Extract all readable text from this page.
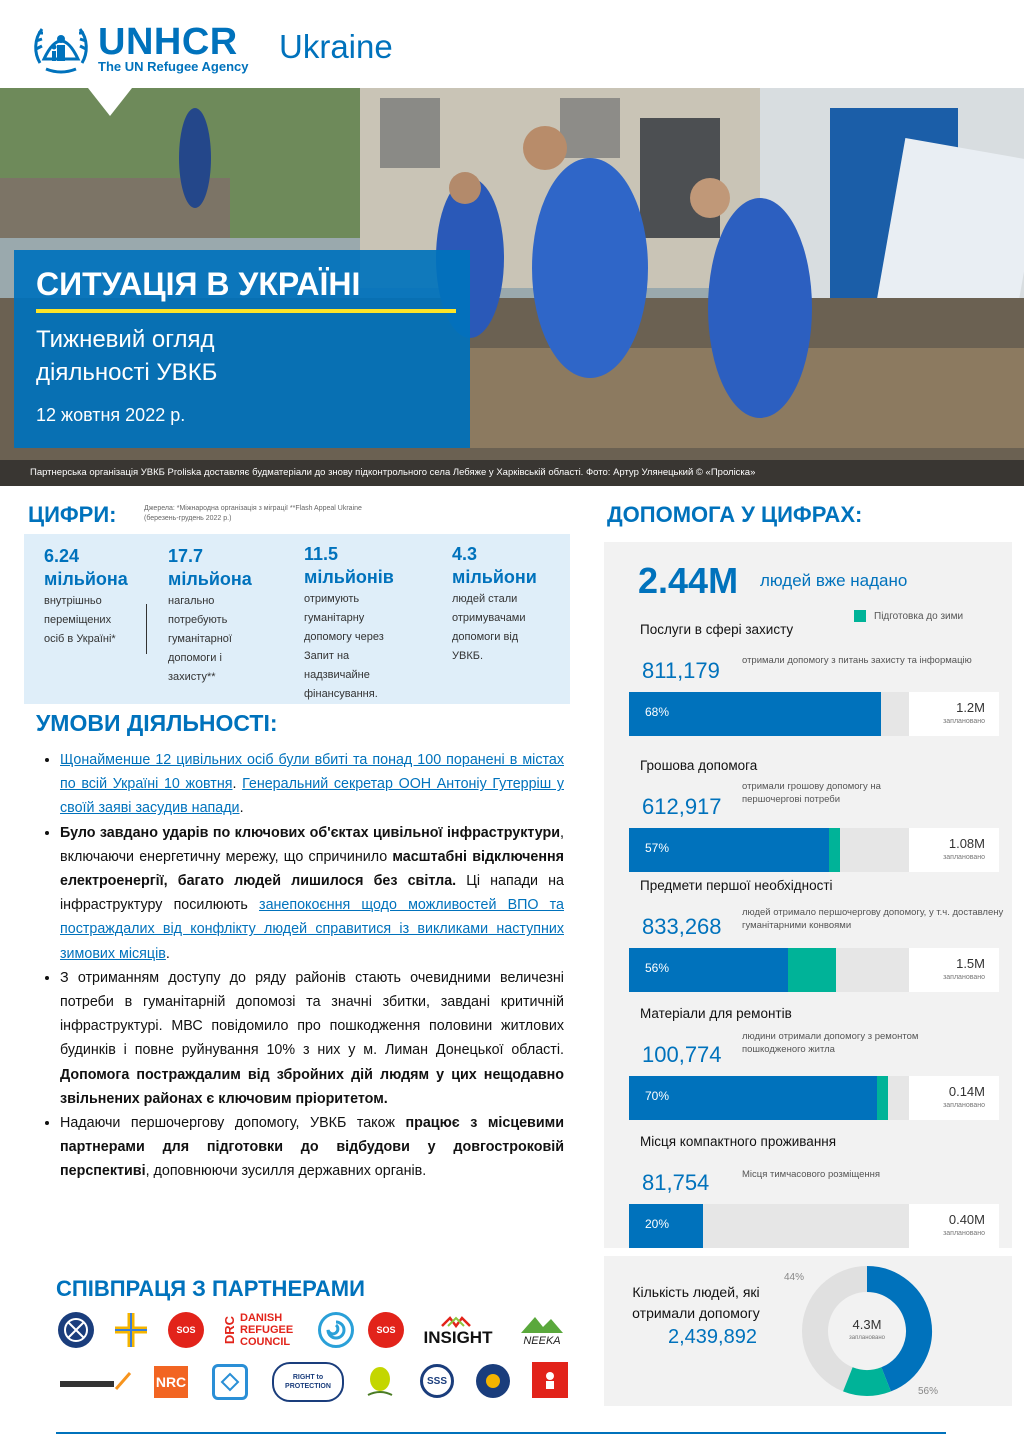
UNHCR
The UN Refugee Agency
Ukraine
СИТУАЦІЯ В УКРАЇНІ
Тижневий огляд
діяльності УВКБ
12 жовтня 2022 р.
Партнерська організація УВКБ Proliska доставляє будматеріали до знову підконтрольного села Лебяже у Харківській області. Фото: Артур Улянецький © «Проліска»
ЦИФРИ:	Джерела: *Міжнародна організація з міграції **Flash Appeal Ukraine
(березень-грудень 2022 р.)
6.24
мільйона
внутрішньо
переміщених
осіб в Україні*
17.7
мільйона
нагально
потребують
гуманітарної
допомоги і
захисту**
11.5
мільйонів
отримують
гуманітарну
допомогу через
Запит на
надзвичайне
фінансування.
4.3
мільйони
людей стали
отримувачами
допомоги від
УВКБ.
УМОВИ ДІЯЛЬНОСТІ:
• Щонайменше 12 цивільних осіб були вбиті та понад 100 поранені в містах по всій Україні 10 жовтня. Генеральний секретар ООН Антоніу Гутерріш у своїй заяві засудив напади.
• Було завдано ударів по ключових об'єктах цивільної інфраструктури, включаючи енергетичну мережу, що спричинило масштабні відключення електроенергії, багато людей лишилося без світла. Ці напади на інфраструктуру посилюють занепокоєння щодо можливостей ВПО та постраждалих від конфлікту людей справитися із викликами наступних зимових місяців.
• З отриманням доступу до ряду районів стають очевидними величезні потреби в гуманітарній допомозі та значні збитки, завдані критичній інфраструктурі. МВС повідомило про пошкодження половини житлових будинків і повне руйнування 10% з них у м. Лиман Донецької області. Допомога постраждалим від збройних дій людям у цих нещодавно звільнених районах є ключовим пріоритетом.
• Надаючи першочергову допомогу, УВКБ також працює з місцевими партнерами для підготовки до відбудови у довгостроковій перспективі, доповнюючи зусилля державних органів.
СПІВПРАЦЯ З ПАРТНЕРАМИ
SOS DRC DANISH
REFUGEE
COUNCIL
SOS INSIGHT	NEEKA
NRC	RIGHT to
PROTECTION	SSS
ДОПОМОГА У ЦИФРАХ:
2.44M людей вже надано
Підготовка до зими
Послуги в сфері захисту
811,179 отримали допомогу з питань захисту та інформацію
68%	1.2M
заплановано
Грошова допомога
612,917
отримали грошову допомогу на першочергові потреби
57%	1.08M
заплановано
Предмети першої необхідності
833,268
людей отримало першочергову допомогу, у т.ч. доставлену гуманітарними конвоями
56%	1.5M
заплановано
Матеріали для ремонтів
100,774
людини отримали допомогу з ремонтом пошкодженого житла
70%	0.14M
заплановано
Місця компактного проживання
81,754	Місця тимчасового розміщення
20%	0.40M
заплановано
Кількість людей, які отримали допомогу
2,439,892
4.3M
заплановано
44%
56%
